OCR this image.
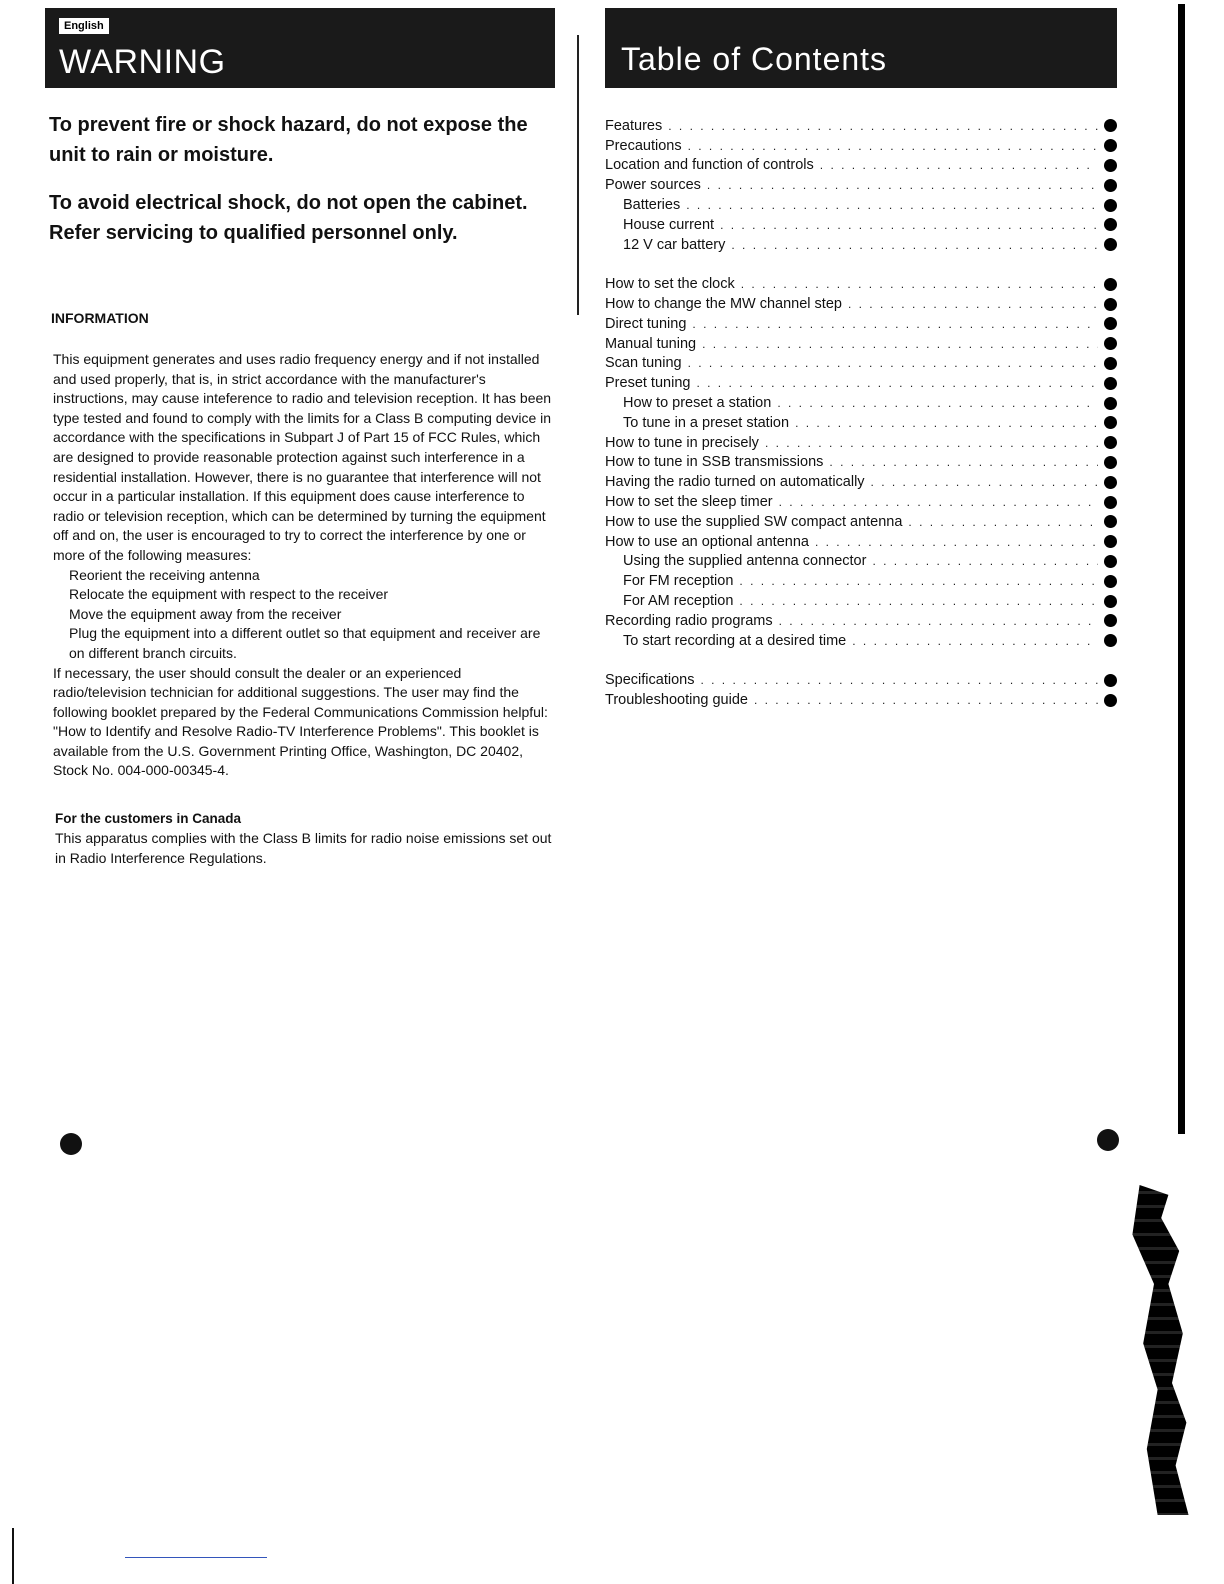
English
WARNING
To prevent fire or shock hazard, do not expose the unit to rain or moisture.
To avoid electrical shock, do not open the cabinet. Refer servicing to qualified personnel only.
INFORMATION

This equipment generates and uses radio frequency energy and if not installed and used properly, that is, in strict accordance with the manufacturer's instructions, may cause inteference to radio and television reception. It has been type tested and found to comply with the limits for a Class B computing device in accordance with the specifications in Subpart J of Part 15 of FCC Rules, which are designed to provide reasonable protection against such interference in a residential installation. However, there is no guarantee that interference will not occur in a particular installation. If this equipment does cause interference to radio or television reception, which can be determined by turning the equipment off and on, the user is encouraged to try to correct the interference by one or more of the following measures:

Reorient the receiving antenna
Relocate the equipment with respect to the receiver
Move the equipment away from the receiver
Plug the equipment into a different outlet so that equipment and receiver are on different branch circuits.

If necessary, the user should consult the dealer or an experienced radio/television technician for additional suggestions. The user may find the following booklet prepared by the Federal Communications Commission helpful:

"How to Identify and Resolve Radio-TV Interference Problems". This booklet is available from the U.S. Government Printing Office, Washington, DC 20402, Stock No. 004-000-00345-4.

For the customers in Canada
This apparatus complies with the Class B limits for radio noise emissions set out in Radio Interference Regulations.
Table of Contents
Features
. . .
Precautions
. . .
Location and function of controls
. . .
Power sources
. . .
Batteries
. . .
House current
. . .
12 V car battery
. . .
How to set the clock
. . .
How to change the MW channel step
. . .
Direct tuning
. . .
Manual tuning
. . .
Scan tuning
. . .
Preset tuning
. . .
How to preset a station
. . .
To tune in a preset station
. . .
How to tune in precisely
. . .
How to tune in SSB transmissions
. . .
Having the radio turned on automatically
. . .
How to set the sleep timer
. . .
How to use the supplied SW compact antenna
. . .
How to use an optional antenna
. . .
Using the supplied antenna connector
. . .
For FM reception
. . .
For AM reception
. . .
Recording radio programs
. . .
To start recording at a desired time
. . .
Specifications
. . .
Troubleshooting guide
. . .
